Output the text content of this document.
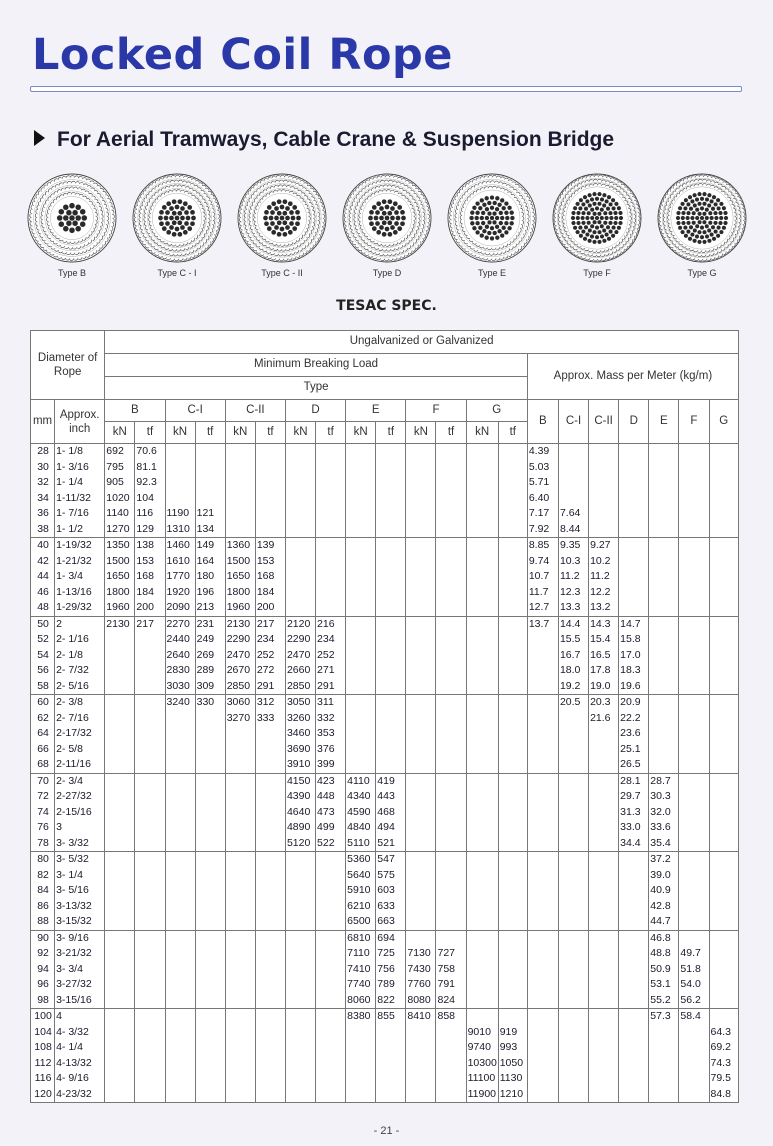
Locked Coil Rope
For Aerial Tramways, Cable Crane & Suspension Bridge
Type B	Type C - I	Type C - II	Type D	Type E	Type F	Type G
TESAC SPEC.
Diameter of Rope		Ungalvanized or Galvanized																				
		Minimum Breaking Load														Approx. Mass per Meter (kg/m)						
		Type																				
mm	Approx. inch	B		C-I		C-II		D		E		F		G		B	C-I	C-II	D	E	F	G
		kN	tf	kN	tf	kN	tf	kN	tf	kN	tf	kN	tf	kN	tf							
28	1- 1/8	692	70.6													4.39						
30	1- 3/16	795	81.1													5.03						
32	1- 1/4	905	92.3													5.71						
34	1-11/32	1020	104													6.40						
36	1- 7/16	1140	116	1190	121											7.17	7.64					
38	1- 1/2	1270	129	1310	134											7.92	8.44					
40	1-19/32	1350	138	1460	149	1360	139									8.85	9.35	9.27				
42	1-21/32	1500	153	1610	164	1500	153									9.74	10.3	10.2				
44	1- 3/4	1650	168	1770	180	1650	168									10.7	11.2	11.2				
46	1-13/16	1800	184	1920	196	1800	184									11.7	12.3	12.2				
48	1-29/32	1960	200	2090	213	1960	200									12.7	13.3	13.2				
50	2	2130	217	2270	231	2130	217	2120	216							13.7	14.4	14.3	14.7			
52	2- 1/16			2440	249	2290	234	2290	234								15.5	15.4	15.8			
54	2- 1/8			2640	269	2470	252	2470	252								16.7	16.5	17.0			
56	2- 7/32			2830	289	2670	272	2660	271								18.0	17.8	18.3			
58	2- 5/16			3030	309	2850	291	2850	291								19.2	19.0	19.6			
60	2- 3/8			3240	330	3060	312	3050	311								20.5	20.3	20.9			
62	2- 7/16					3270	333	3260	332									21.6	22.2			
64	2-17/32							3460	353										23.6			
66	2- 5/8							3690	376										25.1			
68	2-11/16							3910	399										26.5			
70	2- 3/4							4150	423	4110	419								28.1	28.7		
72	2-27/32							4390	448	4340	443								29.7	30.3		
74	2-15/16							4640	473	4590	468								31.3	32.0		
76	3							4890	499	4840	494								33.0	33.6		
78	3- 3/32							5120	522	5110	521								34.4	35.4		
80	3- 5/32									5360	547									37.2		
82	3- 1/4									5640	575									39.0		
84	3- 5/16									5910	603									40.9		
86	3-13/32									6210	633									42.8		
88	3-15/32									6500	663									44.7		
90	3- 9/16									6810	694									46.8		
92	3-21/32									7110	725	7130	727							48.8	49.7	
94	3- 3/4									7410	756	7430	758							50.9	51.8	
96	3-27/32									7740	789	7760	791							53.1	54.0	
98	3-15/16									8060	822	8080	824							55.2	56.2	
100	4									8380	855	8410	858							57.3	58.4	
104	4- 3/32													9010	919							64.3
108	4- 1/4													9740	993							69.2
112	4-13/32													10300	1050							74.3
116	4- 9/16													11100	1130							79.5
120	4-23/32													11900	1210							84.8
- 21 -
